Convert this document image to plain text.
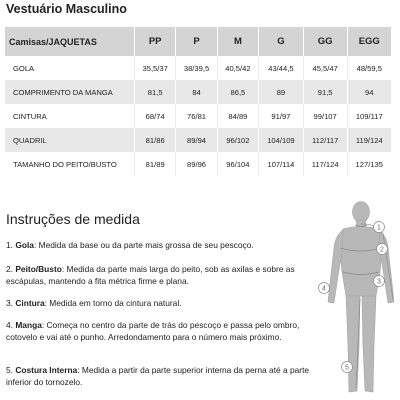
Vestuário Masculino
Camisas/JAQUETAS	PP	P	M	G	GG	EGG
GOLA	35,5/37	38/39,5	40,5/42	43/44,5	45,5/47	48/59,5
COMPRIMENTO DA MANGA	81,5	84	86,5	89	91,5	94
CINTURA	68/74	76/81	84/89	91/97	99/107	109/117
QUADRIL	81/86	89/94	96/102	104/109	112/117	119/124
TAMANHO DO PEITO/BUSTO	81/89	89/96	96/104	107/114	117/124	127/135
Instruções de medida
1. Gola: Medida da base ou da parte mais grossa de seu pescoço.
2. Peito/Busto: Medida da parte mais larga do peito, sob as axilas e sobre as escápulas, mantendo a fita métrica firme e plana.
3. Cintura: Medida em torno da cintura natural.
4. Manga: Começa no centro da parte de trás do pescoço e passa pelo ombro, cotovelo e vai até o punho. Arredondamento para o número mais próximo.
5. Costura Interna: Medida a partir da parte superior interna da perna até a parte inferior do tornozelo.
1
2
3
4
5
